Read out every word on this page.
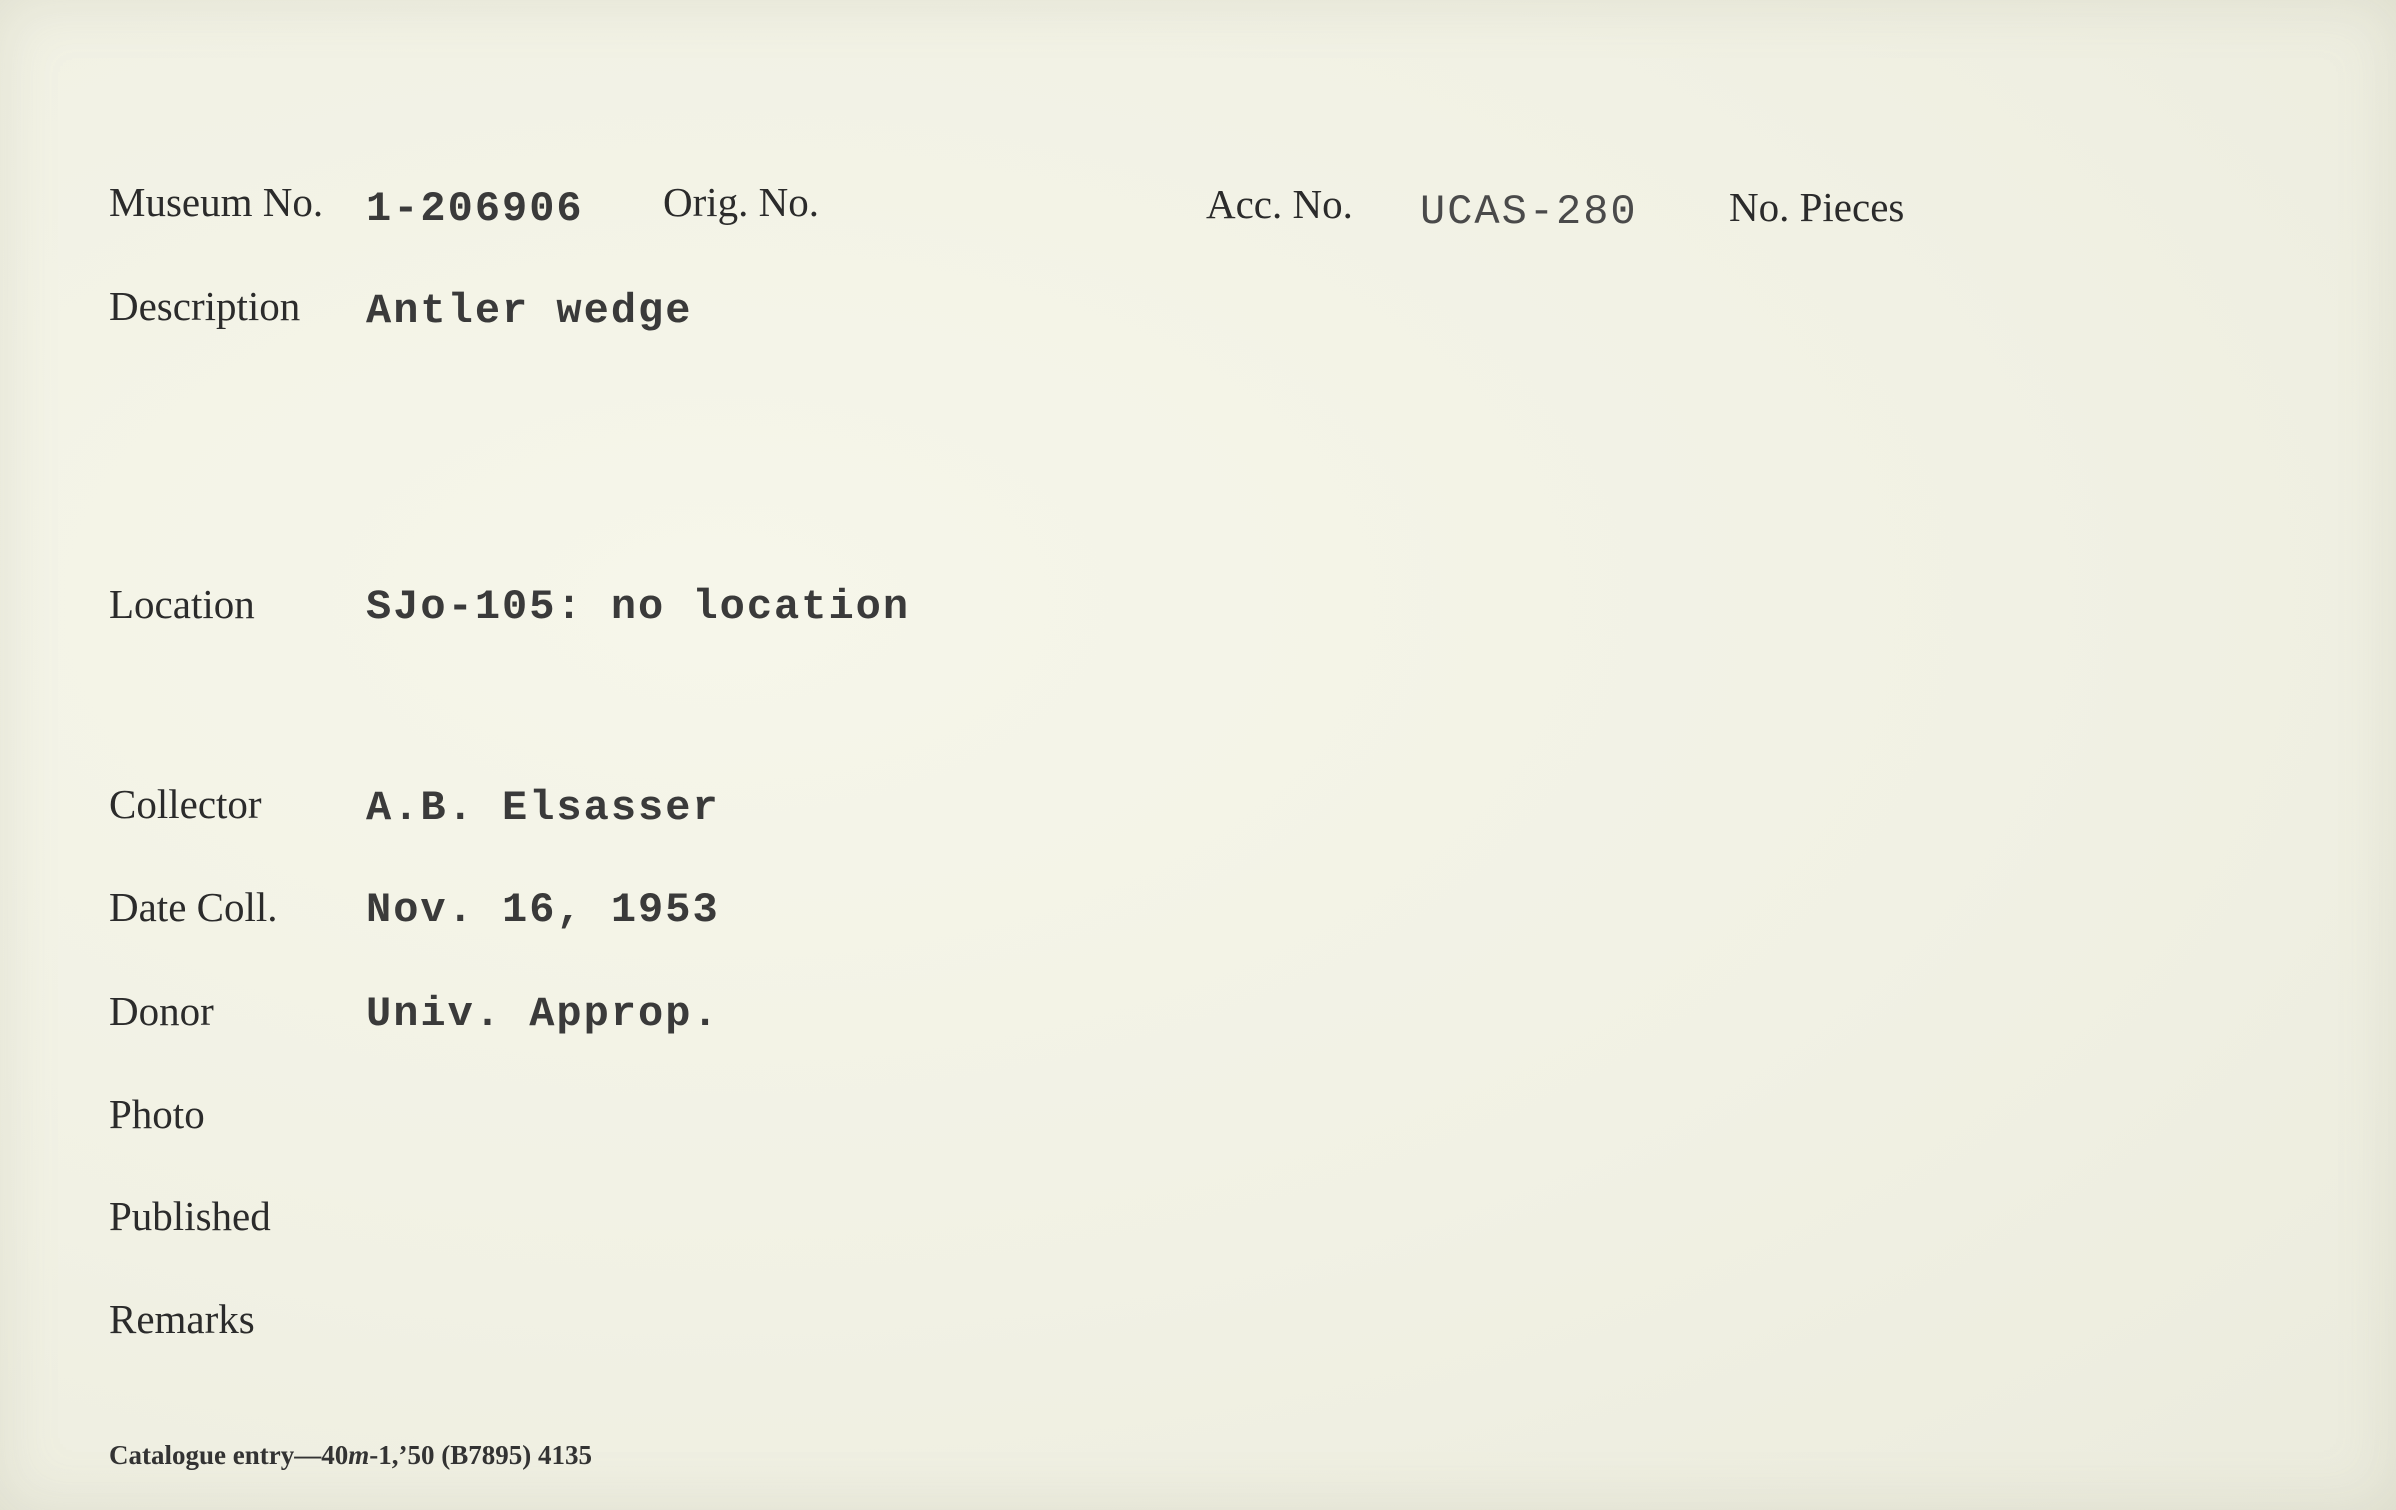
Museum No. 1-206906 Orig. No.	Acc. No. UCAS-280 No. Pieces
Description Antler wedge
Location	SJo-105: no location
Collector A.B. Elsasser
Date Coll. Nov. 16, 1953
Donor	Univ. Approp.
Photo
Published
Remarks
Catalogue entry—40m-1,’50 (B7895) 4135
